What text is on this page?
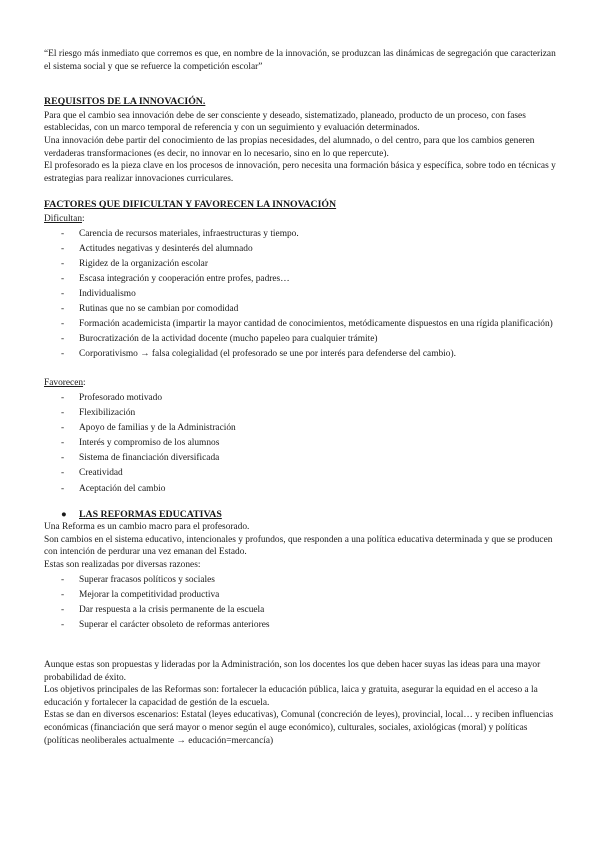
“El riesgo más inmediato que corremos es que, en nombre de la innovación, se produzcan las dinámicas de segregación que caracterizan el sistema social y que se refuerce la competición escolar”

REQUISITOS DE LA INNOVACIÓN.

Para que el cambio sea innovación debe de ser consciente y deseado, sistematizado, planeado, producto de un proceso, con fases establecidas, con un marco temporal de referencia y con un seguimiento y evaluación determinados.

Una innovación debe partir del conocimiento de las propias necesidades, del alumnado, o del centro, para que los cambios generen verdaderas transformaciones (es decir, no innovar en lo necesario, sino en lo que repercute).

El profesorado es la pieza clave en los procesos de innovación, pero necesita una formación básica y específica, sobre todo en técnicas y estrategias para realizar innovaciones curriculares.

FACTORES QUE DIFICULTAN Y FAVORECEN LA INNOVACIÓN

Dificultan:

- Carencia de recursos materiales, infraestructuras y tiempo.
- Actitudes negativas y desinterés del alumnado
- Rigidez de la organización escolar
- Escasa integración y cooperación entre profes, padres…
- Individualismo
- Rutinas que no se cambian por comodidad
- Formación academicista (impartir la mayor cantidad de conocimientos, metódicamente dispuestos en una rígida planificación)
- Burocratización de la actividad docente (mucho papeleo para cualquier trámite)
- Corporativismo → falsa colegialidad (el profesorado se une por interés para defenderse del cambio).

Favorecen:

- Profesorado motivado
- Flexibilización
- Apoyo de familias y de la Administración
- Interés y compromiso de los alumnos
- Sistema de financiación diversificada
- Creatividad
- Aceptación del cambio
● LAS REFORMAS EDUCATIVAS

Una Reforma es un cambio macro para el profesorado.

Son cambios en el sistema educativo, intencionales y profundos, que responden a una política educativa determinada y que se producen con intención de perdurar una vez emanan del Estado.

Estas son realizadas por diversas razones:

- Superar fracasos políticos y sociales
- Mejorar la competitividad productiva
- Dar respuesta a la crisis permanente de la escuela
- Superar el carácter obsoleto de reformas anteriores

Aunque estas son propuestas y lideradas por la Administración, son los docentes los que deben hacer suyas las ideas para una mayor probabilidad de éxito.

Los objetivos principales de las Reformas son: fortalecer la educación pública, laica y gratuita, asegurar la equidad en el acceso a la educación y fortalecer la capacidad de gestión de la escuela.

Estas se dan en diversos escenarios: Estatal (leyes educativas), Comunal (concreción de leyes), provincial, local… y reciben influencias económicas (financiación que será mayor o menor según el auge económico), culturales, sociales, axiológicas (moral) y políticas (políticas neoliberales actualmente → educación=mercancía)
